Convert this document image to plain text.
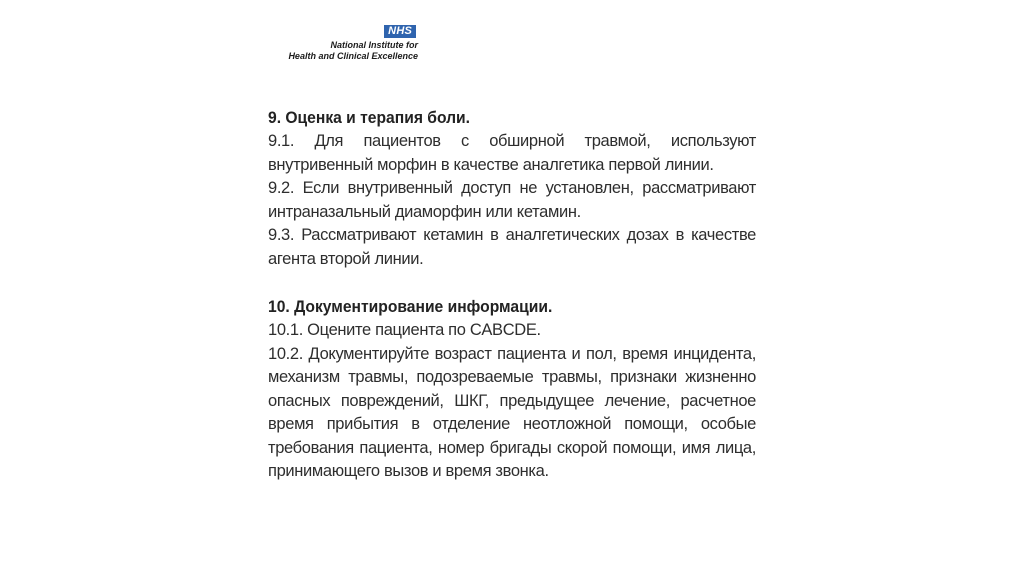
NHS
National Institute for
Health and Clinical Excellence

9. Оценка и терапия боли.

9.1. Для пациентов с обширной травмой, используют внутривенный морфин в качестве аналгетика первой линии.

9.2. Если внутривенный доступ не установлен, рассматривают интраназальный диаморфин или кетамин.

9.3. Рассматривают кетамин в аналгетических дозах в качестве агента второй линии.

10. Документирование информации.

10.1. Оцените пациента по CABCDE.

10.2. Документируйте возраст пациента и пол, время инцидента, механизм травмы, подозреваемые травмы, признаки жизненно опасных повреждений, ШКГ, предыдущее лечение, расчетное время прибытия в отделение неотложной помощи, особые требования пациента, номер бригады скорой помощи, имя лица, принимающего вызов и время звонка.
